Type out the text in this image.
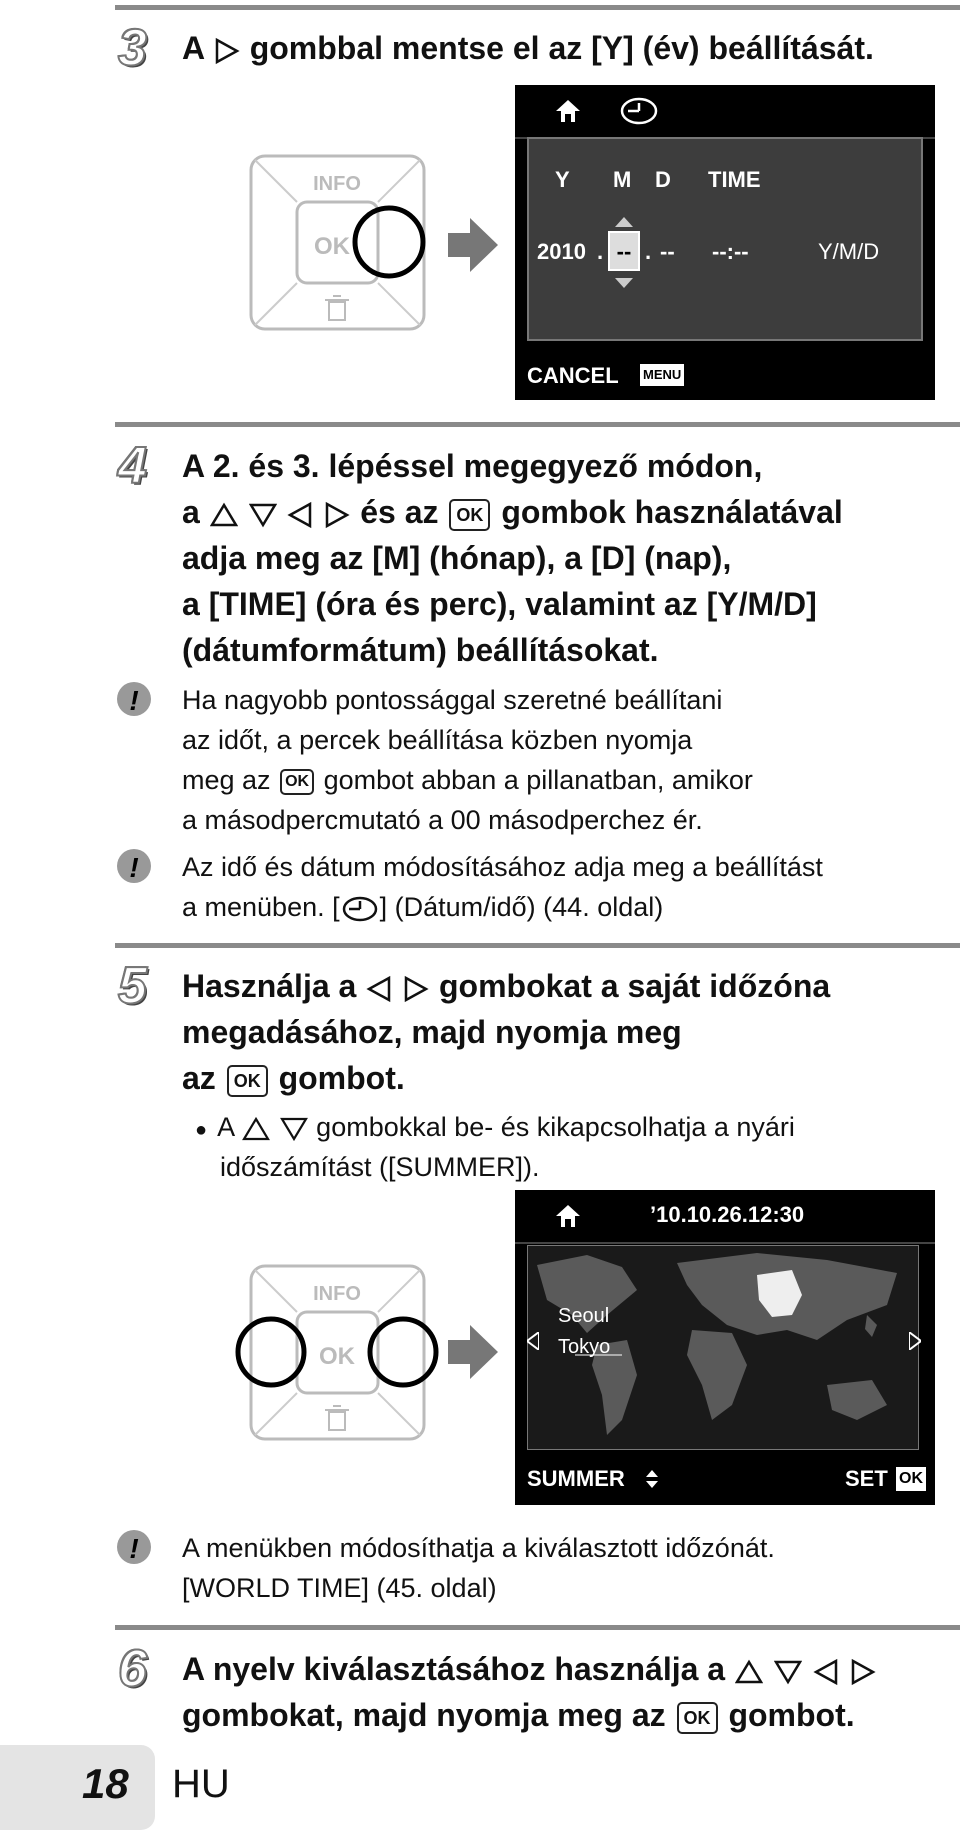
3 A gombbal mentse el az [Y] (év) beállítását.
INFO
OK
Y M D TIME
2010 . -- . -- --:--	Y/M/D
CANCEL MENU
4 A 2. és 3. lépéssel megegyező módon,
a	és az OK gombok használatával
adja meg az [M] (hónap), a [D] (nap),
a [TIME] (óra és perc), valamint az [Y/M/D]
(dátumformátum) beállításokat.
! Ha nagyobb pontossággal szeretné beállítani
az időt, a percek beállítása közben nyomja
meg az OK gombot abban a pillanatban, amikor
a másodpercmutató a 00 másodperchez ér.
! Az idő és dátum módosításához adja meg a beállítást
a menüben. [ ] (Dátum/idő) (44. oldal)
5 Használja a	gombokat a saját időzóna
megadásához, majd nyomja meg
az OK gombot.
● A	gombokkal be- és kikapcsolhatja a nyári
időszámítást ([SUMMER]).
INFO
OK
’10.10.26.12:30
Seoul
Tokyo
SUMMER	SET OK
! A menükben módosíthatja a kiválasztott időzónát.
[WORLD TIME] (45. oldal)
6 A nyelv kiválasztásához használja a
gombokat, majd nyomja meg az OK gombot.
18 HU
